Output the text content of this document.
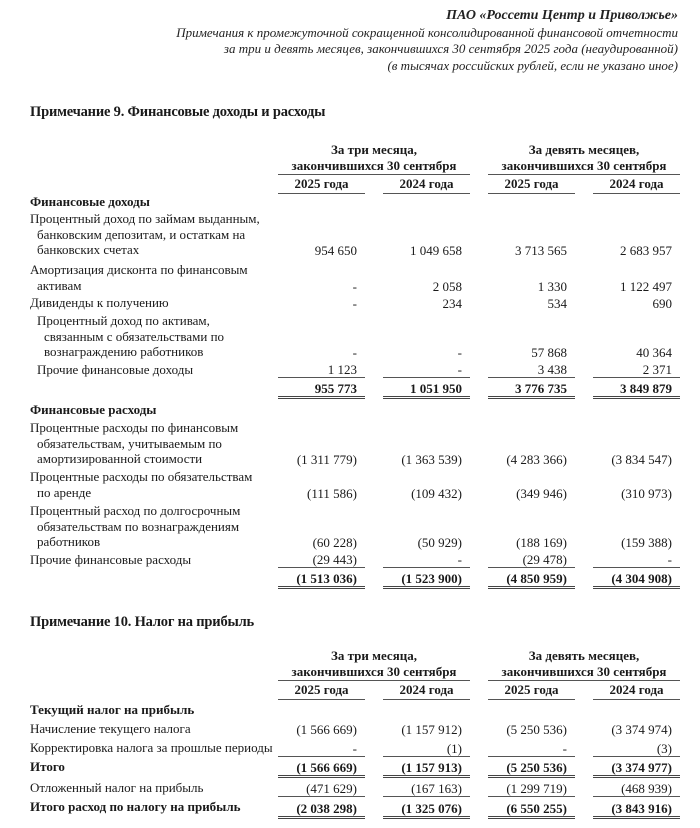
ПАО «Россети Центр и Приволжье»
Примечания к промежуточной сокращенной консолидированной финансовой отчетности
за три и девять месяцев, закончившихся 30 сентября 2025 года (неаудированной)
(в тысячах российских рублей, если не указано иное)
Примечание 9. Финансовые доходы и расходы
За три месяца,
закончившихся 30 сентября
За девять месяцев,
закончившихся 30 сентября
2025 года	2024 года	2025 года	2024 года
Финансовые доходы
Процентный доход по займам выданным,
банковским депозитам, и остаткам на
банковских счетах	954 650	1 049 658	3 713 565	2 683 957
Амортизация дисконта по финансовым
активам	-	2 058	1 330	1 122 497
Дивиденды к получению	-	234	534	690
Процентный доход по активам,
связанным с обязательствами по
вознаграждению работников	-	-	57 868	40 364
Прочие финансовые доходы	1 123	-	3 438	2 371
955 773	1 051 950	3 776 735	3 849 879
Финансовые расходы
Процентные расходы по финансовым
обязательствам, учитываемым по
амортизированной стоимости	(1 311 779)	(1 363 539)	(4 283 366)	(3 834 547)
Процентные расходы по обязательствам
по аренде	(111 586)	(109 432)	(349 946)	(310 973)
Процентный расход по долгосрочным
обязательствам по вознаграждениям
работников	(60 228)	(50 929)	(188 169)	(159 388)
Прочие финансовые расходы	(29 443)	-	(29 478)	-
(1 513 036)	(1 523 900)	(4 850 959)	(4 304 908)
Примечание 10. Налог на прибыль
За три месяца,
закончившихся 30 сентября
За девять месяцев,
закончившихся 30 сентября
2025 года	2024 года	2025 года	2024 года
Текущий налог на прибыль
Начисление текущего налога	(1 566 669)	(1 157 912)	(5 250 536)	(3 374 974)
Корректировка налога за прошлые периоды	-	(1)	-	(3)
Итого	(1 566 669)	(1 157 913)	(5 250 536)	(3 374 977)
Отложенный налог на прибыль	(471 629)	(167 163)	(1 299 719)	(468 939)
Итого расход по налогу на прибыль	(2 038 298)	(1 325 076)	(6 550 255)	(3 843 916)
